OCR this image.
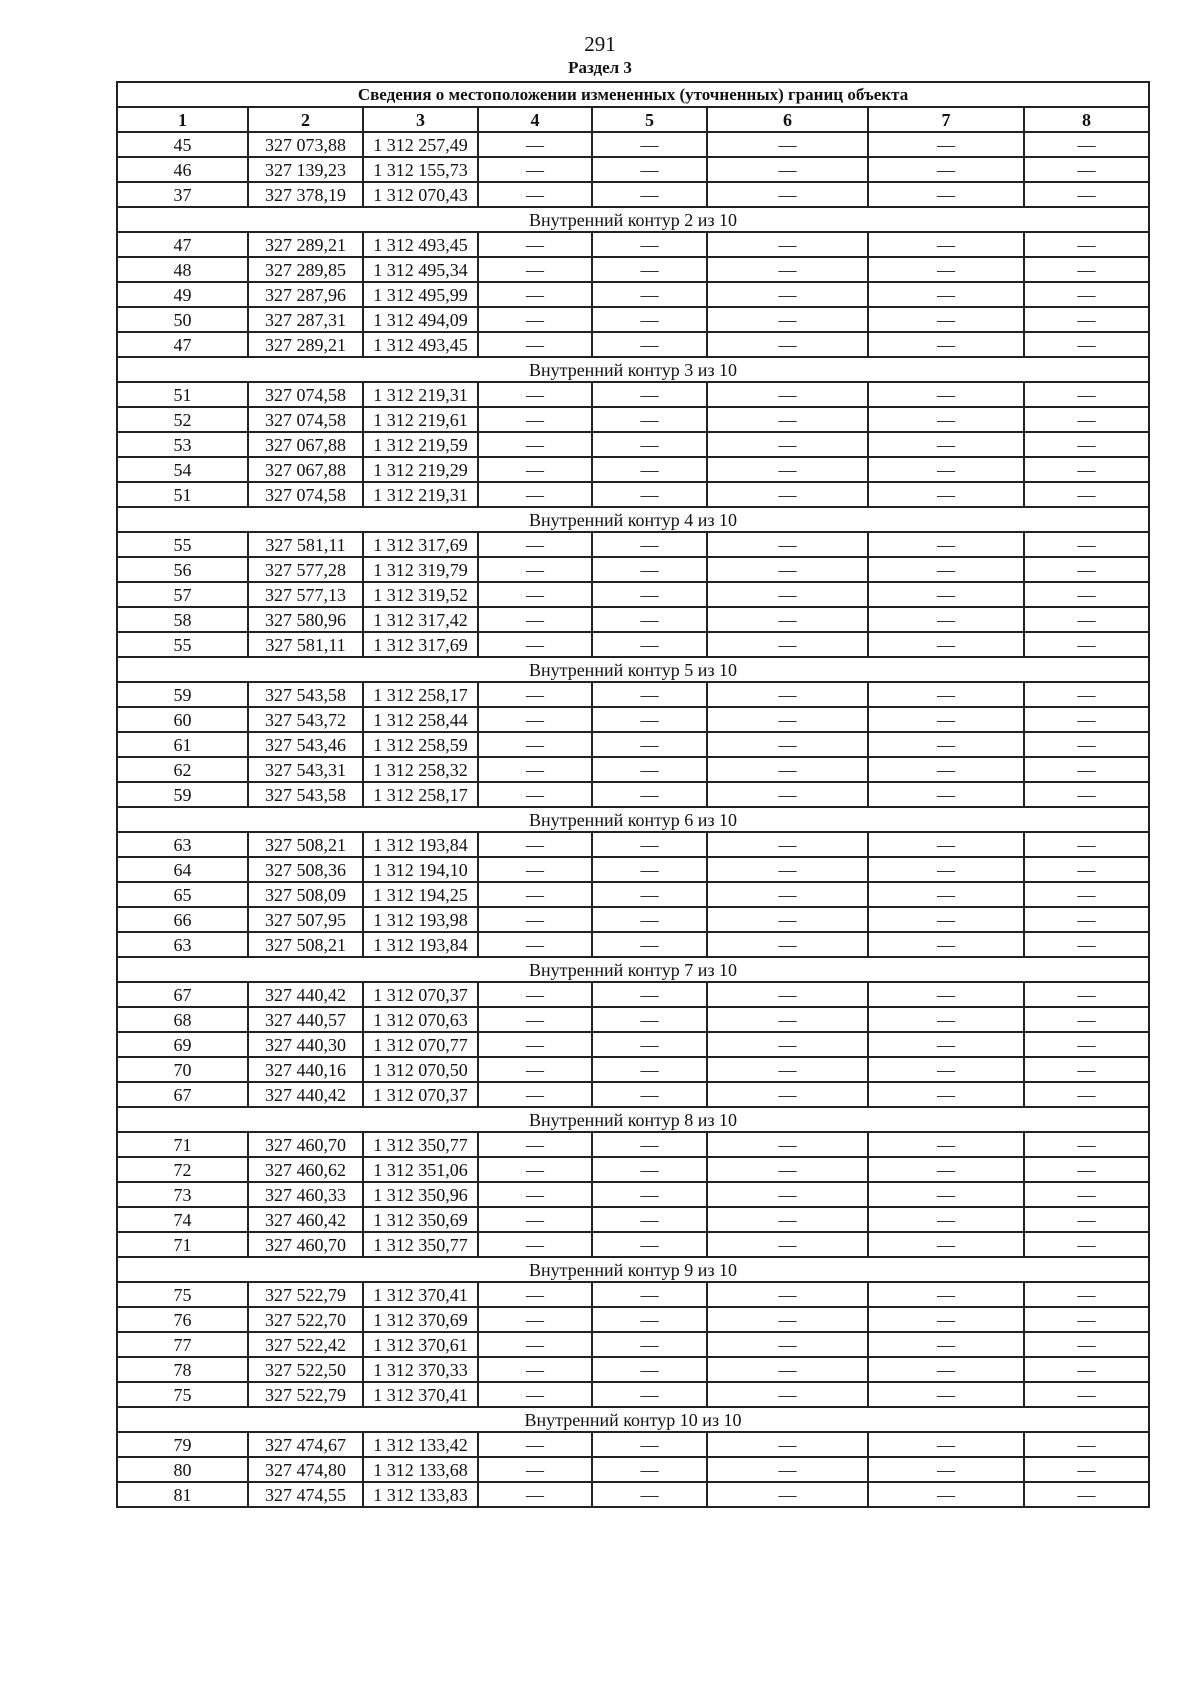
291
Раздел 3
Сведения о местоположении измененных (уточненных) границ объекта							
1	2	3	4	5	6	7	8
45	327 073,88	1 312 257,49	—	—	—	—	—
46	327 139,23	1 312 155,73	—	—	—	—	—
37	327 378,19	1 312 070,43	—	—	—	—	—
Внутренний контур 2 из 10							
47	327 289,21	1 312 493,45	—	—	—	—	—
48	327 289,85	1 312 495,34	—	—	—	—	—
49	327 287,96	1 312 495,99	—	—	—	—	—
50	327 287,31	1 312 494,09	—	—	—	—	—
47	327 289,21	1 312 493,45	—	—	—	—	—
Внутренний контур 3 из 10							
51	327 074,58	1 312 219,31	—	—	—	—	—
52	327 074,58	1 312 219,61	—	—	—	—	—
53	327 067,88	1 312 219,59	—	—	—	—	—
54	327 067,88	1 312 219,29	—	—	—	—	—
51	327 074,58	1 312 219,31	—	—	—	—	—
Внутренний контур 4 из 10							
55	327 581,11	1 312 317,69	—	—	—	—	—
56	327 577,28	1 312 319,79	—	—	—	—	—
57	327 577,13	1 312 319,52	—	—	—	—	—
58	327 580,96	1 312 317,42	—	—	—	—	—
55	327 581,11	1 312 317,69	—	—	—	—	—
Внутренний контур 5 из 10							
59	327 543,58	1 312 258,17	—	—	—	—	—
60	327 543,72	1 312 258,44	—	—	—	—	—
61	327 543,46	1 312 258,59	—	—	—	—	—
62	327 543,31	1 312 258,32	—	—	—	—	—
59	327 543,58	1 312 258,17	—	—	—	—	—
Внутренний контур 6 из 10							
63	327 508,21	1 312 193,84	—	—	—	—	—
64	327 508,36	1 312 194,10	—	—	—	—	—
65	327 508,09	1 312 194,25	—	—	—	—	—
66	327 507,95	1 312 193,98	—	—	—	—	—
63	327 508,21	1 312 193,84	—	—	—	—	—
Внутренний контур 7 из 10							
67	327 440,42	1 312 070,37	—	—	—	—	—
68	327 440,57	1 312 070,63	—	—	—	—	—
69	327 440,30	1 312 070,77	—	—	—	—	—
70	327 440,16	1 312 070,50	—	—	—	—	—
67	327 440,42	1 312 070,37	—	—	—	—	—
Внутренний контур 8 из 10							
71	327 460,70	1 312 350,77	—	—	—	—	—
72	327 460,62	1 312 351,06	—	—	—	—	—
73	327 460,33	1 312 350,96	—	—	—	—	—
74	327 460,42	1 312 350,69	—	—	—	—	—
71	327 460,70	1 312 350,77	—	—	—	—	—
Внутренний контур 9 из 10							
75	327 522,79	1 312 370,41	—	—	—	—	—
76	327 522,70	1 312 370,69	—	—	—	—	—
77	327 522,42	1 312 370,61	—	—	—	—	—
78	327 522,50	1 312 370,33	—	—	—	—	—
75	327 522,79	1 312 370,41	—	—	—	—	—
Внутренний контур 10 из 10							
79	327 474,67	1 312 133,42	—	—	—	—	—
80	327 474,80	1 312 133,68	—	—	—	—	—
81	327 474,55	1 312 133,83	—	—	—	—	—
